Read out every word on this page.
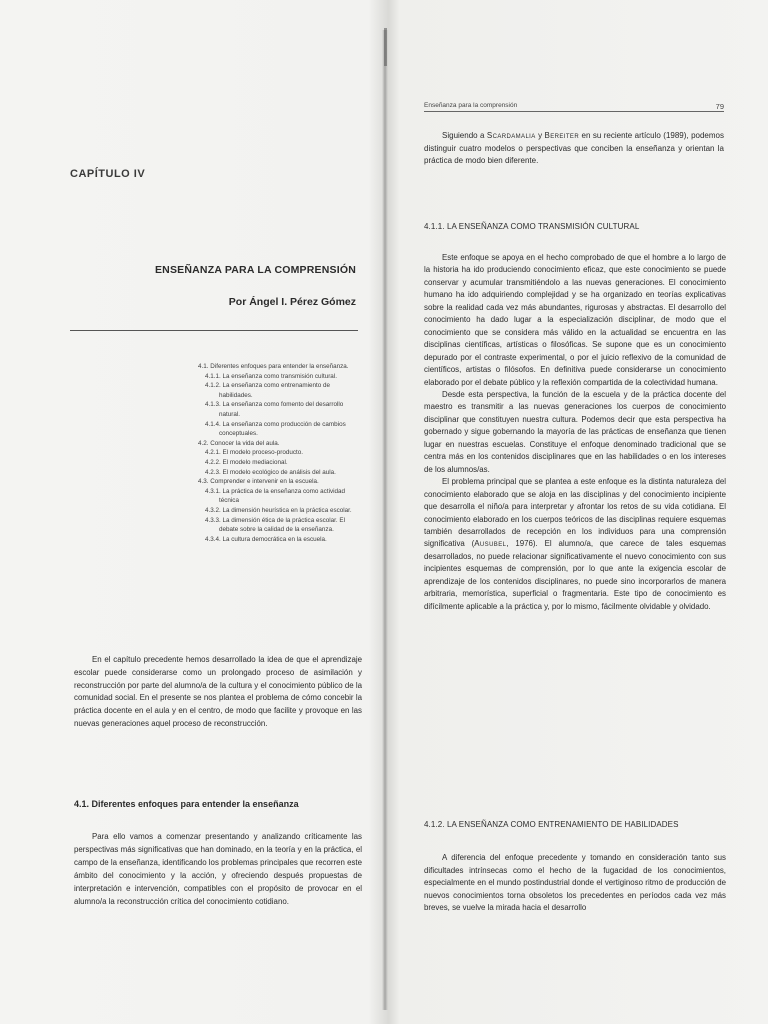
CAPÍTULO IV
ENSEÑANZA PARA LA COMPRENSIÓN
Por Ángel I. Pérez Gómez
4.1. Diferentes enfoques para entender la enseñanza.
4.1.1. La enseñanza como transmisión cultural.
4.1.2. La enseñanza como entrenamiento de habilidades.
4.1.3. La enseñanza como fomento del desarrollo natural.
4.1.4. La enseñanza como producción de cambios conceptuales.
4.2. Conocer la vida del aula.
4.2.1. El modelo proceso-producto.
4.2.2. El modelo mediacional.
4.2.3. El modelo ecológico de análisis del aula.
4.3. Comprender e intervenir en la escuela.
4.3.1. La práctica de la enseñanza como actividad técnica
4.3.2. La dimensión heurística en la práctica escolar.
4.3.3. La dimensión ética de la práctica escolar. El debate sobre la calidad de la enseñanza.
4.3.4. La cultura democrática en la escuela.

En el capítulo precedente hemos desarrollado la idea de que el aprendizaje escolar puede considerarse como un prolongado proceso de asimilación y reconstrucción por parte del alumno/a de la cultura y el conocimiento público de la comunidad social. En el presente se nos plantea el problema de cómo concebir la práctica docente en el aula y en el centro, de modo que facilite y provoque en las nuevas generaciones aquel proceso de reconstrucción.

4.1. Diferentes enfoques para entender la enseñanza

Para ello vamos a comenzar presentando y analizando críticamente las perspectivas más significativas que han dominado, en la teoría y en la práctica, el campo de la enseñanza, identificando los problemas principales que recorren este ámbito del conocimiento y la acción, y ofreciendo después propuestas de interpretación e intervención, compatibles con el propósito de provocar en el alumno/a la reconstrucción crítica del conocimiento cotidiano.

Enseñanza para la comprensión	79

Siguiendo a Scardamalia y Bereiter en su reciente artículo (1989), podemos distinguir cuatro modelos o perspectivas que conciben la enseñanza y orientan la práctica de modo bien diferente.

4.1.1. LA ENSEÑANZA COMO TRANSMISIÓN CULTURAL

Este enfoque se apoya en el hecho comprobado de que el hombre a lo largo de la historia ha ido produciendo conocimiento eficaz, que este conocimiento se puede conservar y acumular transmitiéndolo a las nuevas generaciones. El conocimiento humano ha ido adquiriendo complejidad y se ha organizado en teorías explicativas sobre la realidad cada vez más abundantes, rigurosas y abstractas. El desarrollo del conocimiento ha dado lugar a la especialización disciplinar, de modo que el conocimiento que se considera más válido en la actualidad se encuentra en las disciplinas científicas, artísticas o filosóficas. Se supone que es un conocimiento depurado por el contraste experimental, o por el juicio reflexivo de la comunidad de científicos, artistas o filósofos. En definitiva puede considerarse un conocimiento elaborado por el debate público y la reflexión compartida de la colectividad humana.

Desde esta perspectiva, la función de la escuela y de la práctica docente del maestro es transmitir a las nuevas generaciones los cuerpos de conocimiento disciplinar que constituyen nuestra cultura. Podemos decir que esta perspectiva ha gobernado y sigue gobernando la mayoría de las prácticas de enseñanza que tienen lugar en nuestras escuelas. Constituye el enfoque denominado tradicional que se centra más en los contenidos disciplinares que en las habilidades o en los intereses de los alumnos/as.

El problema principal que se plantea a este enfoque es la distinta naturaleza del conocimiento elaborado que se aloja en las disciplinas y del conocimiento incipiente que desarrolla el niño/a para interpretar y afrontar los retos de su vida cotidiana. El conocimiento elaborado en los cuerpos teóricos de las disciplinas requiere esquemas también desarrollados de recepción en los individuos para una comprensión significativa (Ausubel, 1976). El alumno/a, que carece de tales esquemas desarrollados, no puede relacionar significativamente el nuevo conocimiento con sus incipientes esquemas de comprensión, por lo que ante la exigencia escolar de aprendizaje de los contenidos disciplinares, no puede sino incorporarlos de manera arbitraria, memorística, superficial o fragmentaria. Este tipo de conocimiento es difícilmente aplicable a la práctica y, por lo mismo, fácilmente olvidable y olvidado.

4.1.2. LA ENSEÑANZA COMO ENTRENAMIENTO DE HABILIDADES

A diferencia del enfoque precedente y tomando en consideración tanto sus dificultades intrínsecas como el hecho de la fugacidad de los conocimientos, especialmente en el mundo postindustrial donde el vertiginoso ritmo de producción de nuevos conocimientos torna obsoletos los precedentes en períodos cada vez más breves, se vuelve la mirada hacia el desarrollo
